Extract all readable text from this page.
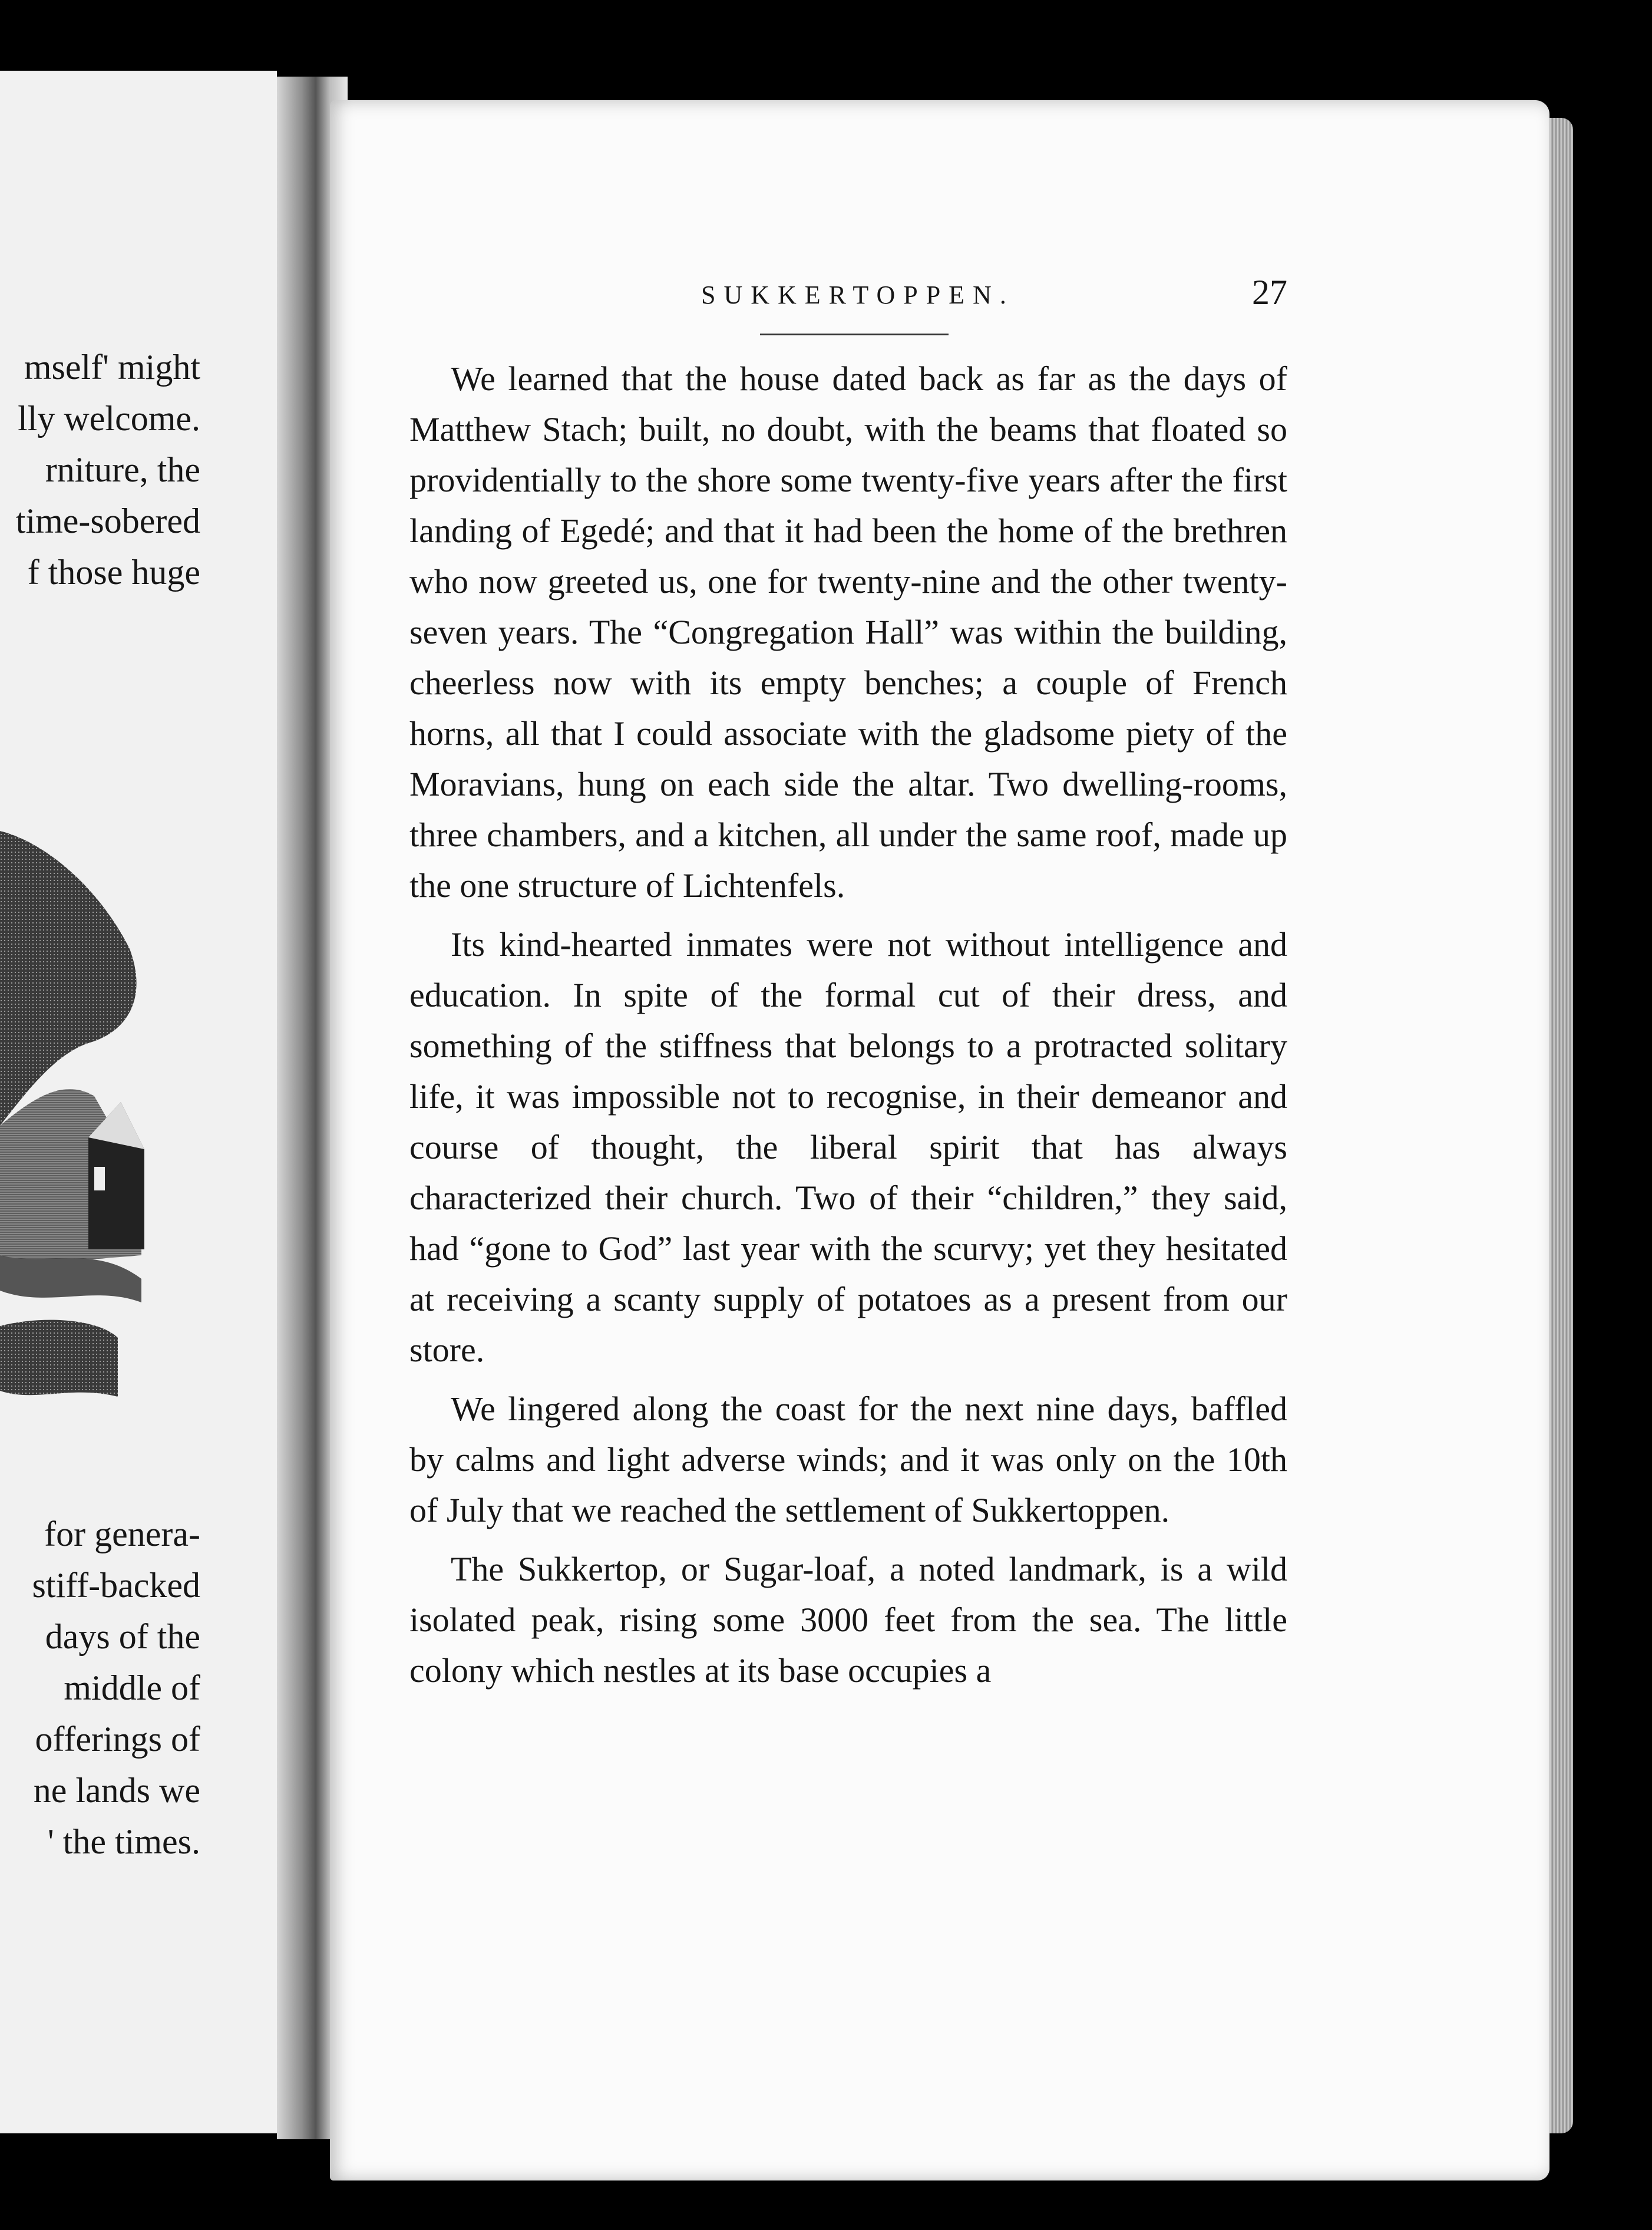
mself' might
lly welcome.
rniture, the
time-sobered
f those huge
for genera-
stiff-backed
days of the
middle of
offerings of
ne lands we
' the times.
SUKKERTOPPEN.	27

We learned that the house dated back as far as the days of Matthew Stach; built, no doubt, with the beams that floated so providentially to the shore some twenty-five years after the first landing of Egedé; and that it had been the home of the brethren who now greeted us, one for twenty-nine and the other twenty-seven years. The “Congregation Hall” was within the building, cheerless now with its empty benches; a couple of French horns, all that I could associate with the gladsome piety of the Moravians, hung on each side the altar. Two dwelling-rooms, three chambers, and a kitchen, all under the same roof, made up the one structure of Lichtenfels.

Its kind-hearted inmates were not without intelligence and education. In spite of the formal cut of their dress, and something of the stiffness that belongs to a protracted solitary life, it was impossible not to recognise, in their demeanor and course of thought, the liberal spirit that has always characterized their church. Two of their “children,” they said, had “gone to God” last year with the scurvy; yet they hesitated at receiving a scanty supply of potatoes as a present from our store.

We lingered along the coast for the next nine days, baffled by calms and light adverse winds; and it was only on the 10th of July that we reached the settlement of Sukkertoppen.

The Sukkertop, or Sugar-loaf, a noted landmark, is a wild isolated peak, rising some 3000 feet from the sea. The little colony which nestles at its base occupies a
